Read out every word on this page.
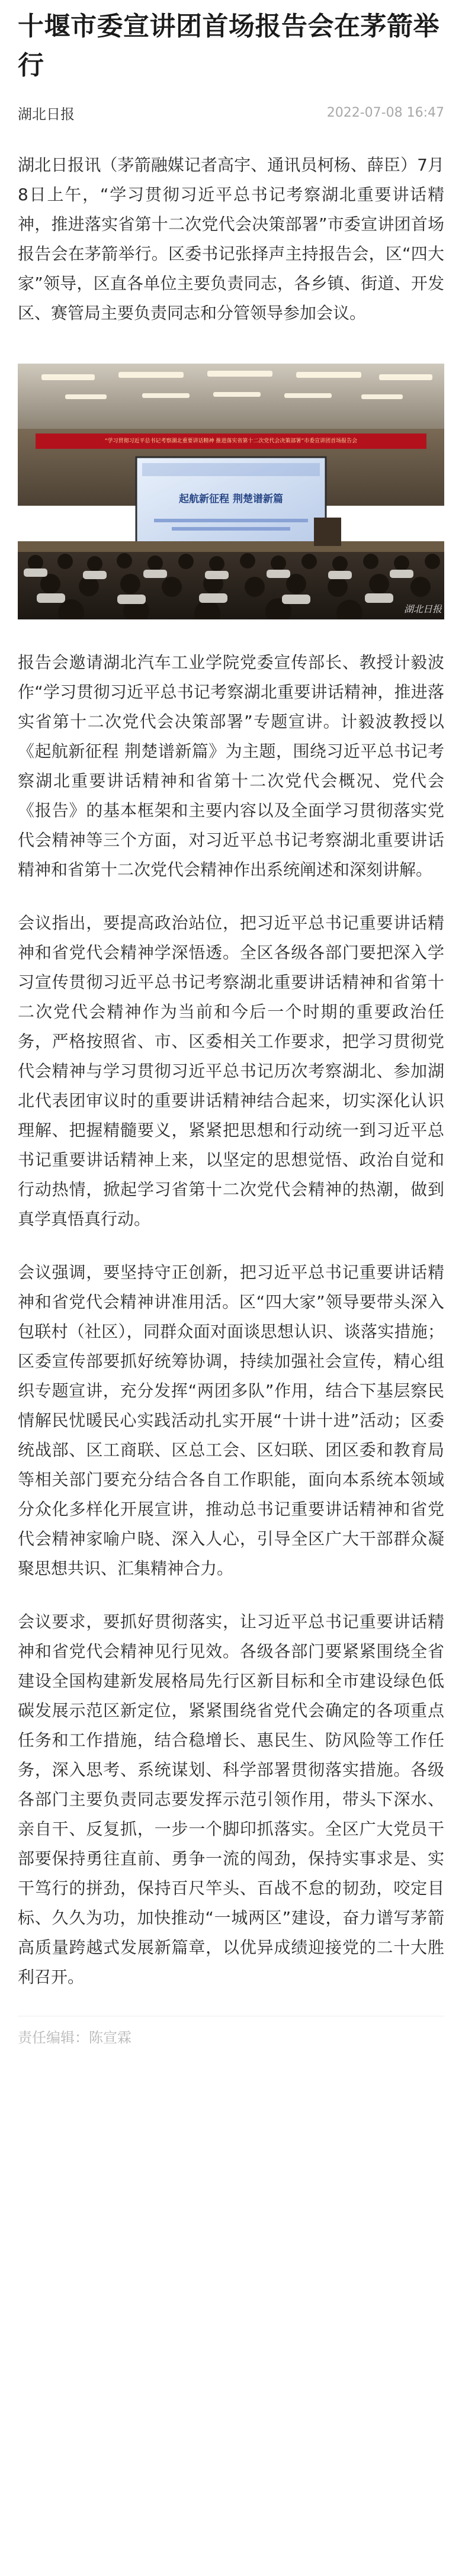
十堰市委宣讲团首场报告会在茅箭举行
湖北日报	2022-07-08 16:47

湖北日报讯（茅箭融媒记者高宇、通讯员柯杨、薛臣）7月8日上午，“学习贯彻习近平总书记考察湖北重要讲话精神，推进落实省第十二次党代会决策部署”市委宣讲团首场报告会在茅箭举行。区委书记张择声主持报告会，区“四大家”领导，区直各单位主要负责同志，各乡镇、街道、开发区、赛管局主要负责同志和分管领导参加会议。

“学习贯彻习近平总书记考察湖北重要讲话精神 推进落实省第十二次党代会决策部署”市委宣讲团首场报告会
起航新征程 荆楚谱新篇
湖北日报

报告会邀请湖北汽车工业学院党委宣传部长、教授计毅波作“学习贯彻习近平总书记考察湖北重要讲话精神，推进落实省第十二次党代会决策部署”专题宣讲。计毅波教授以《起航新征程 荆楚谱新篇》为主题，围绕习近平总书记考察湖北重要讲话精神和省第十二次党代会概况、党代会《报告》的基本框架和主要内容以及全面学习贯彻落实党代会精神等三个方面，对习近平总书记考察湖北重要讲话精神和省第十二次党代会精神作出系统阐述和深刻讲解。

会议指出，要提高政治站位，把习近平总书记重要讲话精神和省党代会精神学深悟透。全区各级各部门要把深入学习宣传贯彻习近平总书记考察湖北重要讲话精神和省第十二次党代会精神作为当前和今后一个时期的重要政治任务，严格按照省、市、区委相关工作要求，把学习贯彻党代会精神与学习贯彻习近平总书记历次考察湖北、参加湖北代表团审议时的重要讲话精神结合起来，切实深化认识理解、把握精髓要义，紧紧把思想和行动统一到习近平总书记重要讲话精神上来，以坚定的思想觉悟、政治自觉和行动热情，掀起学习省第十二次党代会精神的热潮，做到真学真悟真行动。

会议强调，要坚持守正创新，把习近平总书记重要讲话精神和省党代会精神讲准用活。区“四大家”领导要带头深入包联村（社区），同群众面对面谈思想认识、谈落实措施；区委宣传部要抓好统筹协调，持续加强社会宣传，精心组织专题宣讲，充分发挥“两团多队”作用，结合下基层察民情解民忧暖民心实践活动扎实开展“十讲十进”活动；区委统战部、区工商联、区总工会、区妇联、团区委和教育局等相关部门要充分结合各自工作职能，面向本系统本领域分众化多样化开展宣讲，推动总书记重要讲话精神和省党代会精神家喻户晓、深入人心，引导全区广大干部群众凝聚思想共识、汇集精神合力。

会议要求，要抓好贯彻落实，让习近平总书记重要讲话精神和省党代会精神见行见效。各级各部门要紧紧围绕全省建设全国构建新发展格局先行区新目标和全市建设绿色低碳发展示范区新定位，紧紧围绕省党代会确定的各项重点任务和工作措施，结合稳增长、惠民生、防风险等工作任务，深入思考、系统谋划、科学部署贯彻落实措施。各级各部门主要负责同志要发挥示范引领作用，带头下深水、亲自干、反复抓，一步一个脚印抓落实。全区广大党员干部要保持勇往直前、勇争一流的闯劲，保持实事求是、实干笃行的拼劲，保持百尺竿头、百战不怠的韧劲，咬定目标、久久为功，加快推动“一城两区”建设，奋力谱写茅箭高质量跨越式发展新篇章，以优异成绩迎接党的二十大胜利召开。

责任编辑：陈宣霖
